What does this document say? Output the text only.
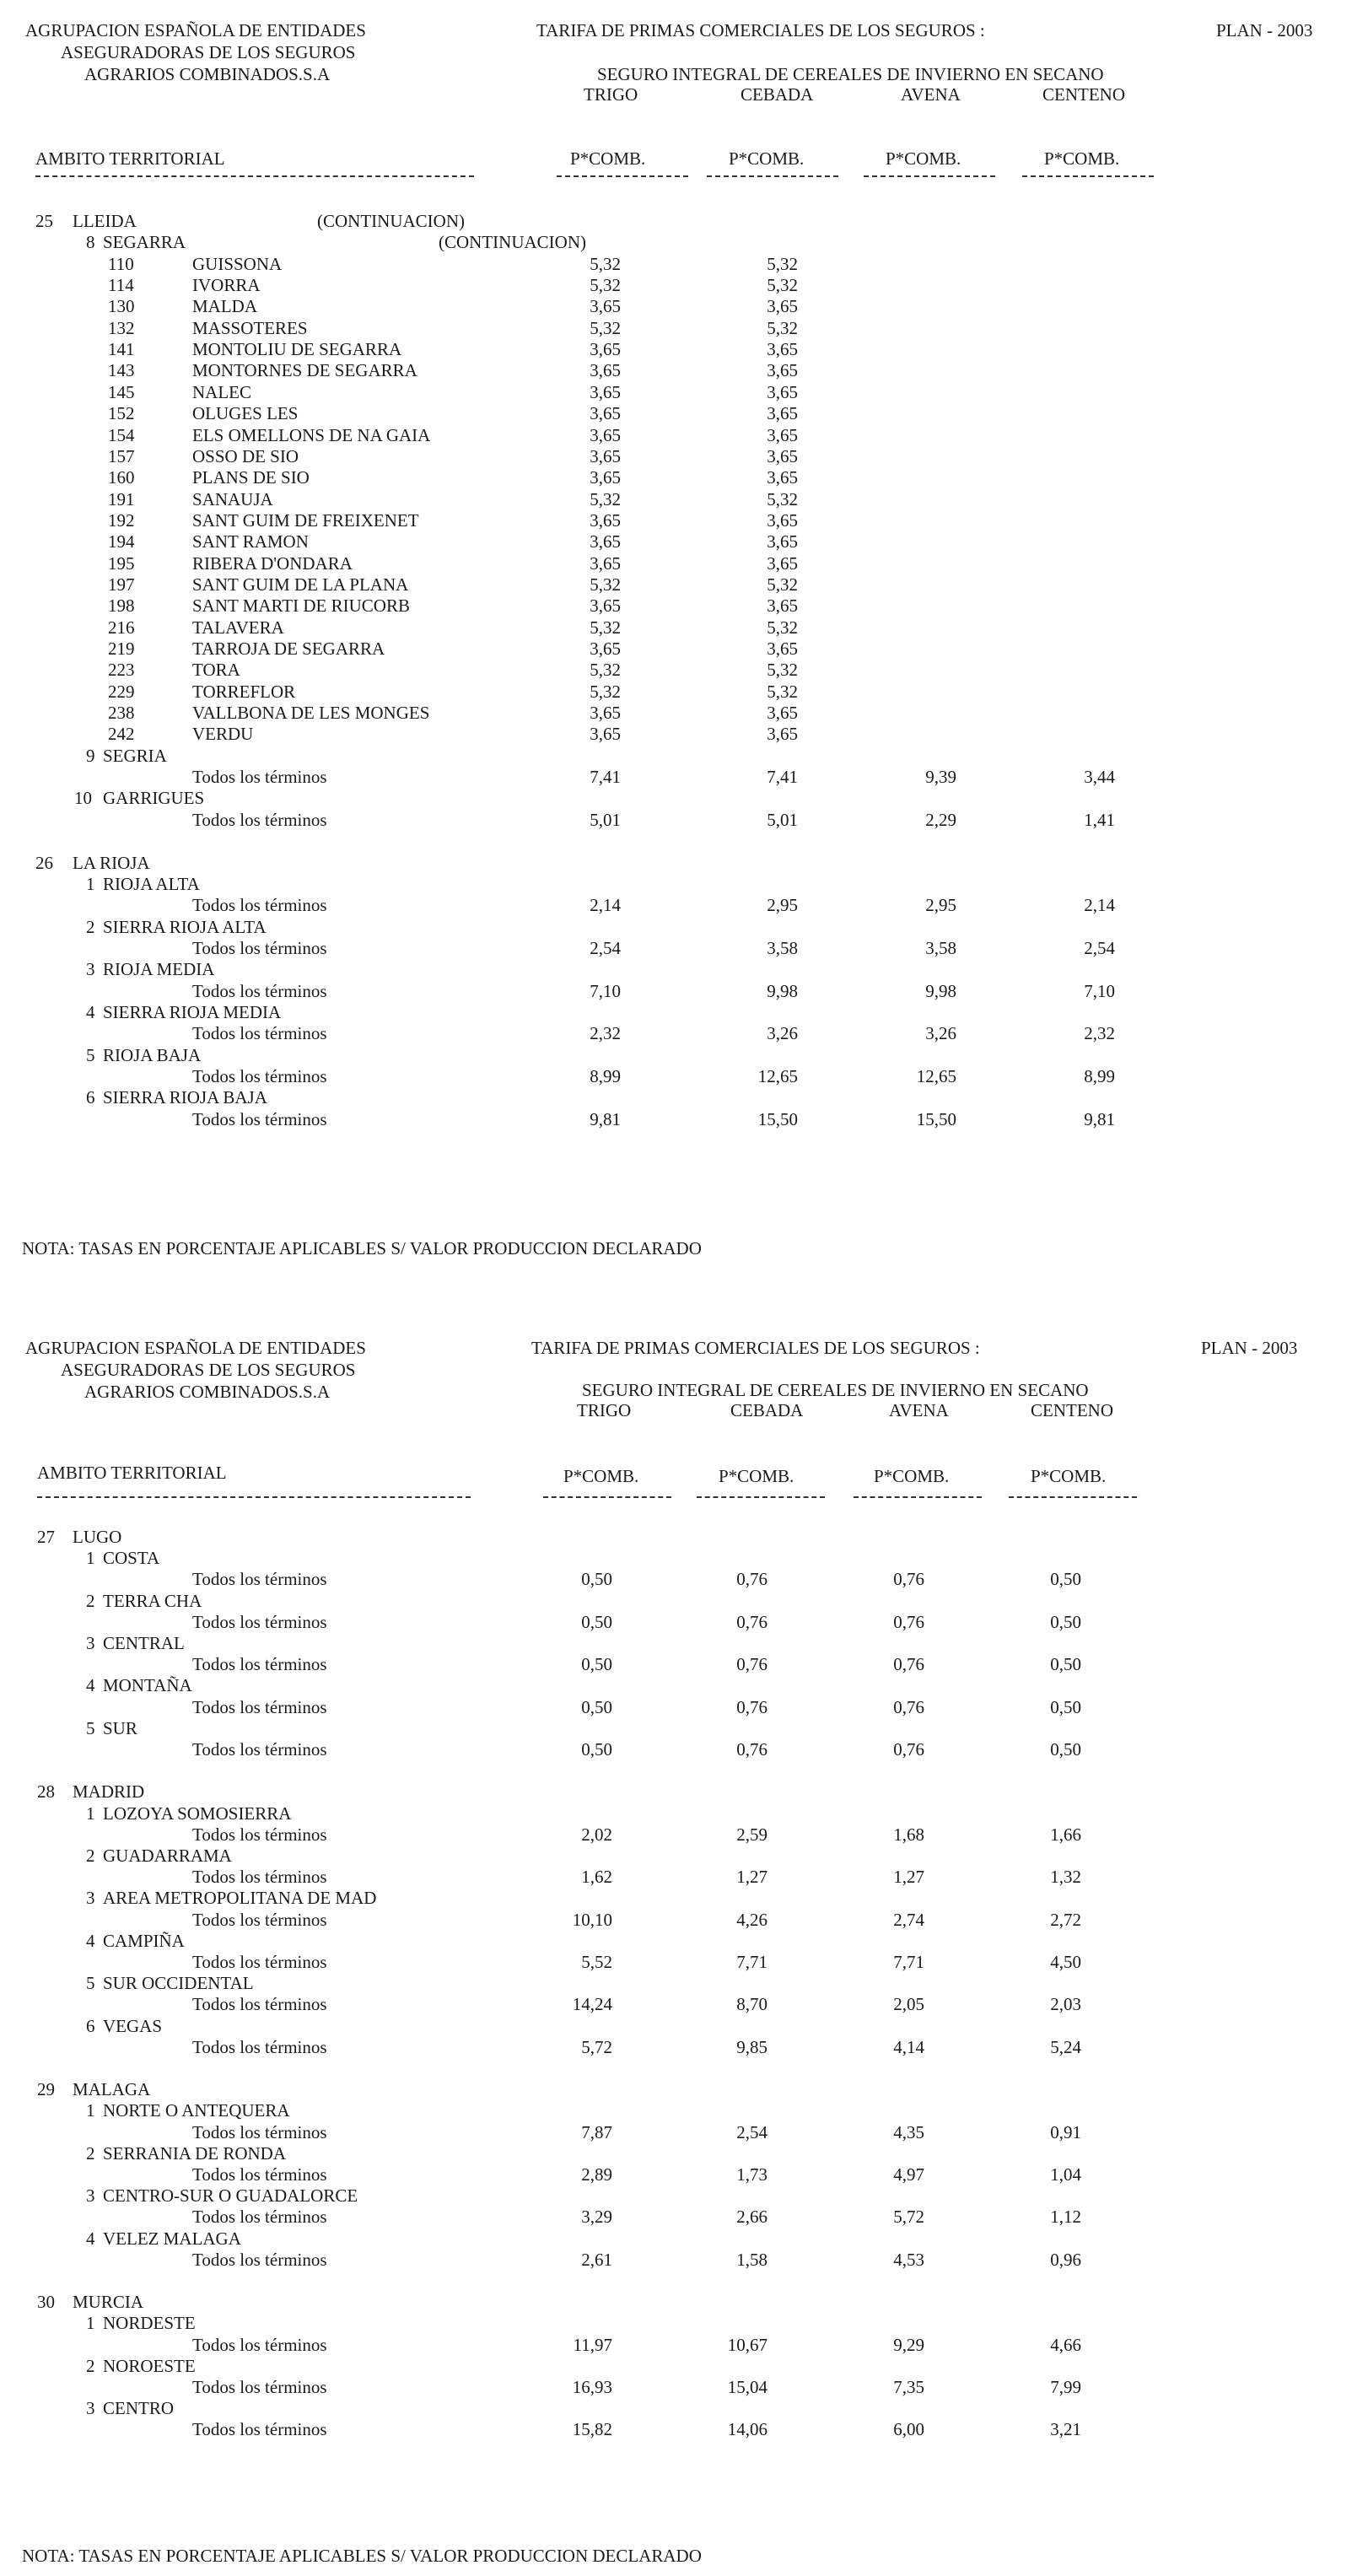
AGRUPACION ESPAÑOLA DE ENTIDADES
ASEGURADORAS DE LOS SEGUROS
AGRARIOS COMBINADOS.S.A
TARIFA DE PRIMAS COMERCIALES DE LOS SEGUROS :	PLAN - 2003
SEGURO INTEGRAL DE CEREALES DE INVIERNO EN SECANO
TRIGO	CEBADA	AVENA	CENTENO
AMBITO TERRITORIAL	P*COMB.	P*COMB.	P*COMB.	P*COMB.
25 LLEIDA	(CONTINUACION)
8 SEGARRA	(CONTINUACION)
110	GUISSONA	5,32	5,32
114	IVORRA	5,32	5,32
130	MALDA	3,65	3,65
132	MASSOTERES	5,32	5,32
141	MONTOLIU DE SEGARRA	3,65	3,65
143	MONTORNES DE SEGARRA	3,65	3,65
145	NALEC	3,65	3,65
152	OLUGES LES	3,65	3,65
154	ELS OMELLONS DE NA GAIA	3,65	3,65
157	OSSO DE SIO	3,65	3,65
160	PLANS DE SIO	3,65	3,65
191	SANAUJA	5,32	5,32
192	SANT GUIM DE FREIXENET	3,65	3,65
194	SANT RAMON	3,65	3,65
195	RIBERA D'ONDARA	3,65	3,65
197	SANT GUIM DE LA PLANA	5,32	5,32
198	SANT MARTI DE RIUCORB	3,65	3,65
216	TALAVERA	5,32	5,32
219	TARROJA DE SEGARRA	3,65	3,65
223	TORA	5,32	5,32
229	TORREFLOR	5,32	5,32
238	VALLBONA DE LES MONGES	3,65	3,65
242	VERDU	3,65	3,65
9 SEGRIA
Todos los términos	7,41	7,41	9,39	3,44
10 GARRIGUES
Todos los términos	5,01	5,01	2,29	1,41
26 LA RIOJA
1 RIOJA ALTA
Todos los términos	2,14	2,95	2,95	2,14
2 SIERRA RIOJA ALTA
Todos los términos	2,54	3,58	3,58	2,54
3 RIOJA MEDIA
Todos los términos	7,10	9,98	9,98	7,10
4 SIERRA RIOJA MEDIA
Todos los términos	2,32	3,26	3,26	2,32
5 RIOJA BAJA
Todos los términos	8,99	12,65	12,65	8,99
6 SIERRA RIOJA BAJA
Todos los términos	9,81	15,50	15,50	9,81
NOTA: TASAS EN PORCENTAJE APLICABLES S/ VALOR PRODUCCION DECLARADO
AGRUPACION ESPAÑOLA DE ENTIDADES
ASEGURADORAS DE LOS SEGUROS
AGRARIOS COMBINADOS.S.A
TARIFA DE PRIMAS COMERCIALES DE LOS SEGUROS :	PLAN - 2003
SEGURO INTEGRAL DE CEREALES DE INVIERNO EN SECANO
TRIGO	CEBADA	AVENA	CENTENO
AMBITO TERRITORIAL	P*COMB.	P*COMB.	P*COMB.	P*COMB.
27 LUGO
1 COSTA
Todos los términos	0,50	0,76	0,76	0,50
2 TERRA CHA
Todos los términos	0,50	0,76	0,76	0,50
3 CENTRAL
Todos los términos	0,50	0,76	0,76	0,50
4 MONTAÑA
Todos los términos	0,50	0,76	0,76	0,50
5 SUR
Todos los términos	0,50	0,76	0,76	0,50
28 MADRID
1 LOZOYA SOMOSIERRA
Todos los términos	2,02	2,59	1,68	1,66
2 GUADARRAMA
Todos los términos	1,62	1,27	1,27	1,32
3 AREA METROPOLITANA DE MAD
Todos los términos	10,10	4,26	2,74	2,72
4 CAMPIÑA
Todos los términos	5,52	7,71	7,71	4,50
5 SUR OCCIDENTAL
Todos los términos	14,24	8,70	2,05	2,03
6 VEGAS
Todos los términos	5,72	9,85	4,14	5,24
29 MALAGA
1 NORTE O ANTEQUERA
Todos los términos	7,87	2,54	4,35	0,91
2 SERRANIA DE RONDA
Todos los términos	2,89	1,73	4,97	1,04
3 CENTRO-SUR O GUADALORCE
Todos los términos	3,29	2,66	5,72	1,12
4 VELEZ MALAGA
Todos los términos	2,61	1,58	4,53	0,96
30 MURCIA
1 NORDESTE
Todos los términos	11,97	10,67	9,29	4,66
2 NOROESTE
Todos los términos	16,93	15,04	7,35	7,99
3 CENTRO
Todos los términos	15,82	14,06	6,00	3,21
NOTA: TASAS EN PORCENTAJE APLICABLES S/ VALOR PRODUCCION DECLARADO
